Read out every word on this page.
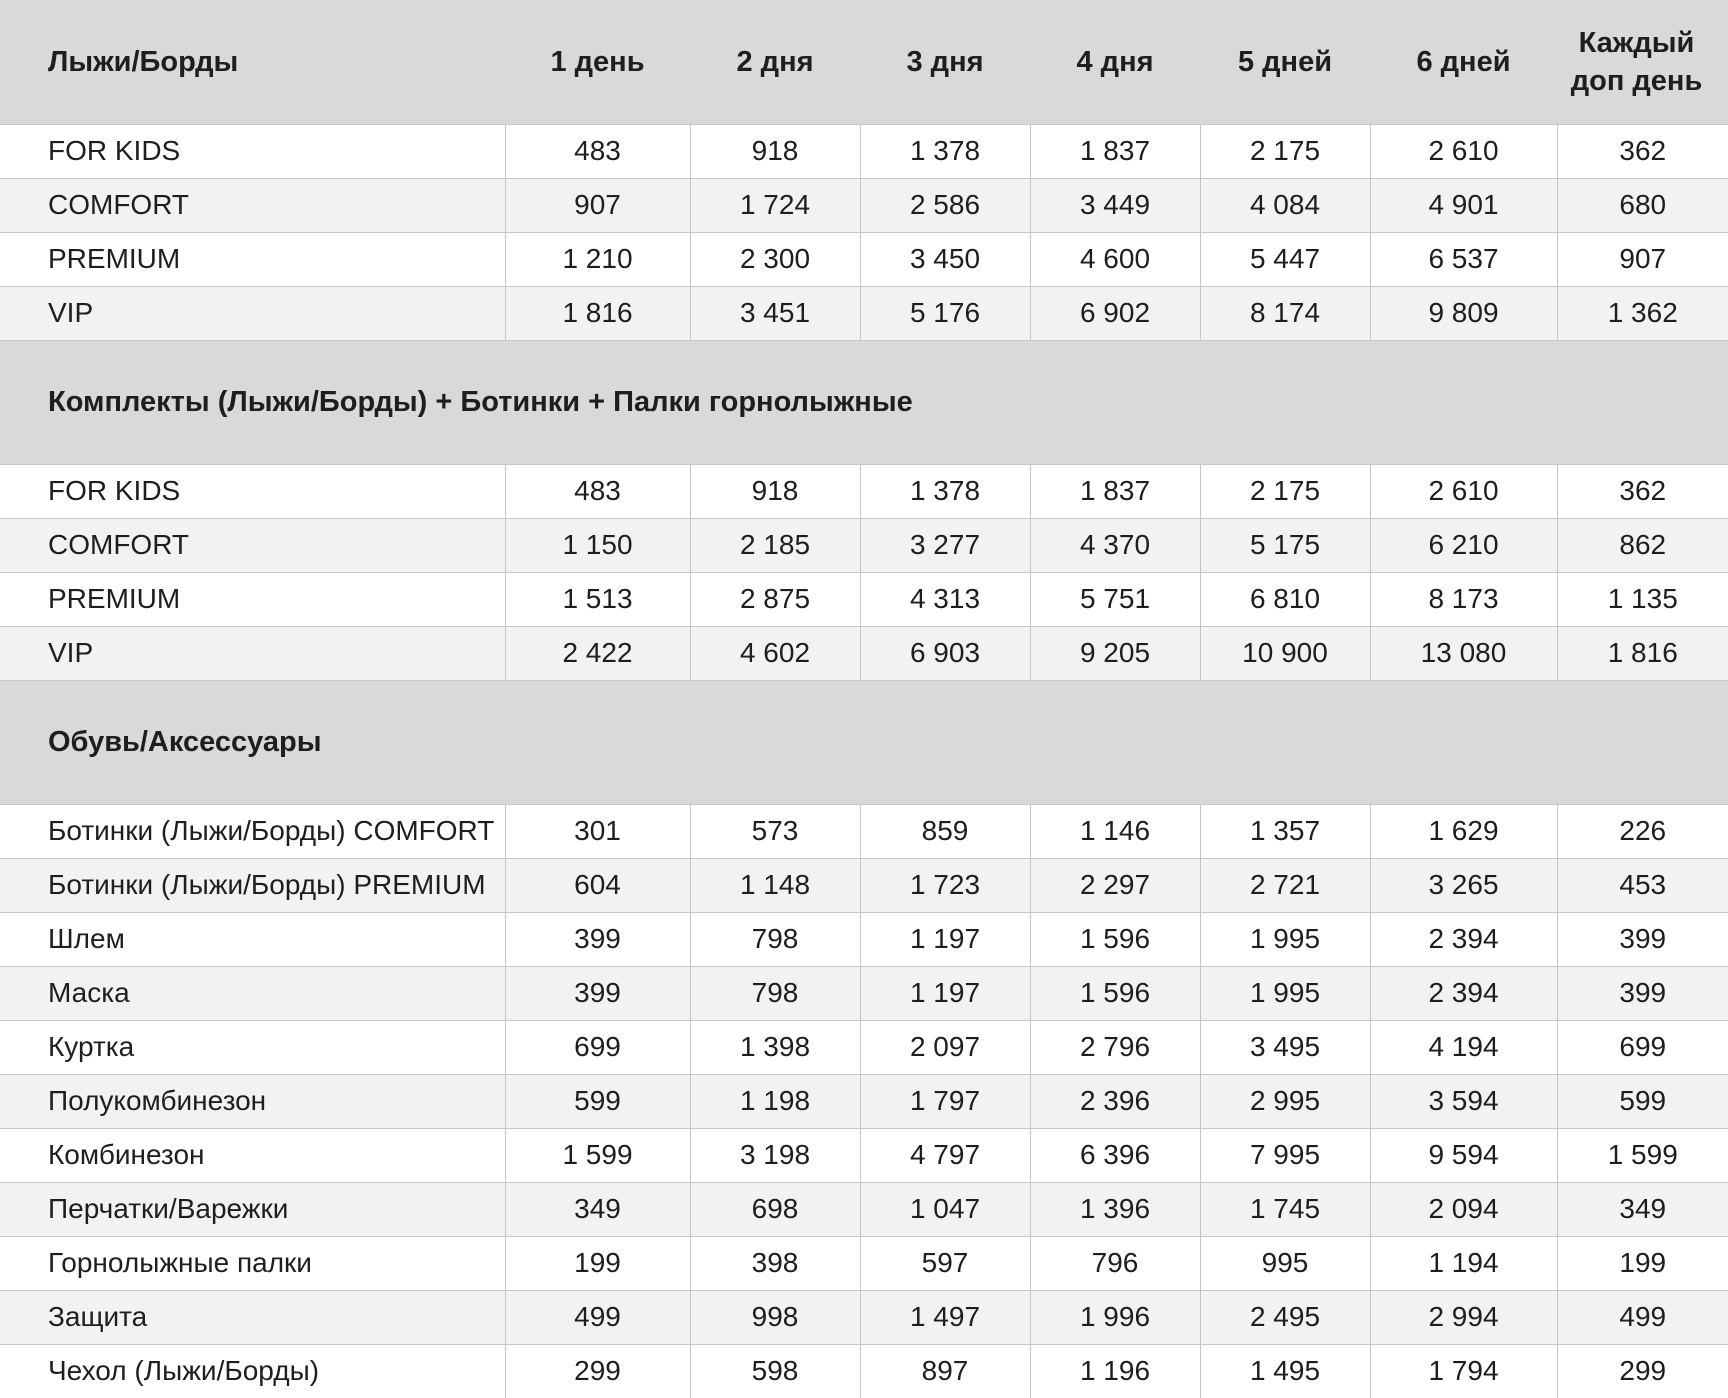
Лыжи/Борды	1 день	2 дня	3 дня	4 дня	5 дней	6 дней	Каждый доп день
FOR KIDS	483	918	1 378	1 837	2 175	2 610	362
COMFORT	907	1 724	2 586	3 449	4 084	4 901	680
PREMIUM	1 210	2 300	3 450	4 600	5 447	6 537	907
VIP	1 816	3 451	5 176	6 902	8 174	9 809	1 362
Комплекты (Лыжи/Борды) + Ботинки + Палки горнолыжные							
FOR KIDS	483	918	1 378	1 837	2 175	2 610	362
COMFORT	1 150	2 185	3 277	4 370	5 175	6 210	862
PREMIUM	1 513	2 875	4 313	5 751	6 810	8 173	1 135
VIP	2 422	4 602	6 903	9 205	10 900	13 080	1 816
Обувь/Аксессуары							
Ботинки (Лыжи/Борды) COMFORT	301	573	859	1 146	1 357	1 629	226
Ботинки (Лыжи/Борды) PREMIUM	604	1 148	1 723	2 297	2 721	3 265	453
Шлем	399	798	1 197	1 596	1 995	2 394	399
Маска	399	798	1 197	1 596	1 995	2 394	399
Куртка	699	1 398	2 097	2 796	3 495	4 194	699
Полукомбинезон	599	1 198	1 797	2 396	2 995	3 594	599
Комбинезон	1 599	3 198	4 797	6 396	7 995	9 594	1 599
Перчатки/Варежки	349	698	1 047	1 396	1 745	2 094	349
Горнолыжные палки	199	398	597	796	995	1 194	199
Защита	499	998	1 497	1 996	2 495	2 994	499
Чехол (Лыжи/Борды)	299	598	897	1 196	1 495	1 794	299
